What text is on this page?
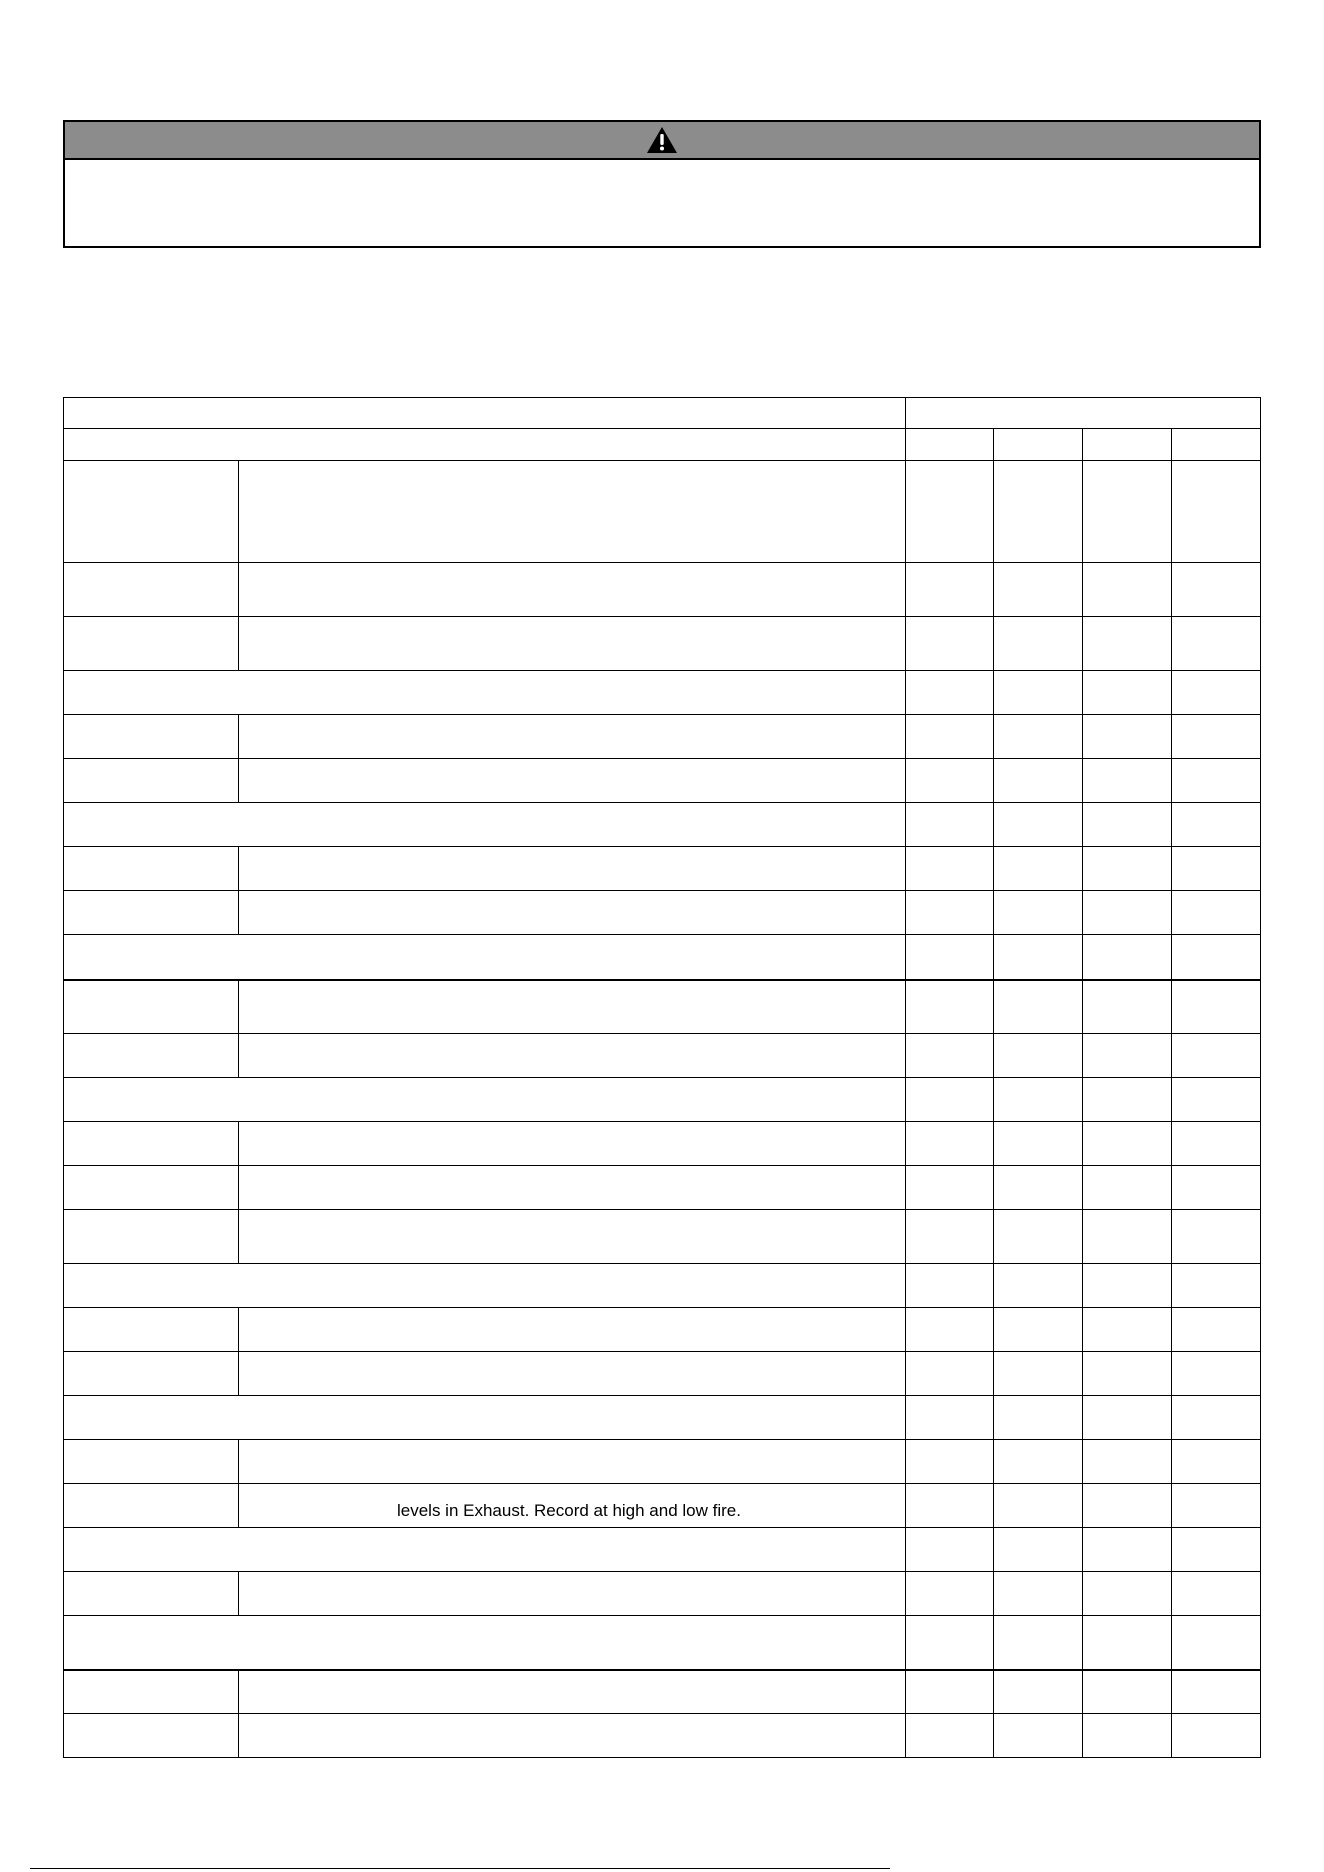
	levels in Exhaust. Record at high and low fire.				
